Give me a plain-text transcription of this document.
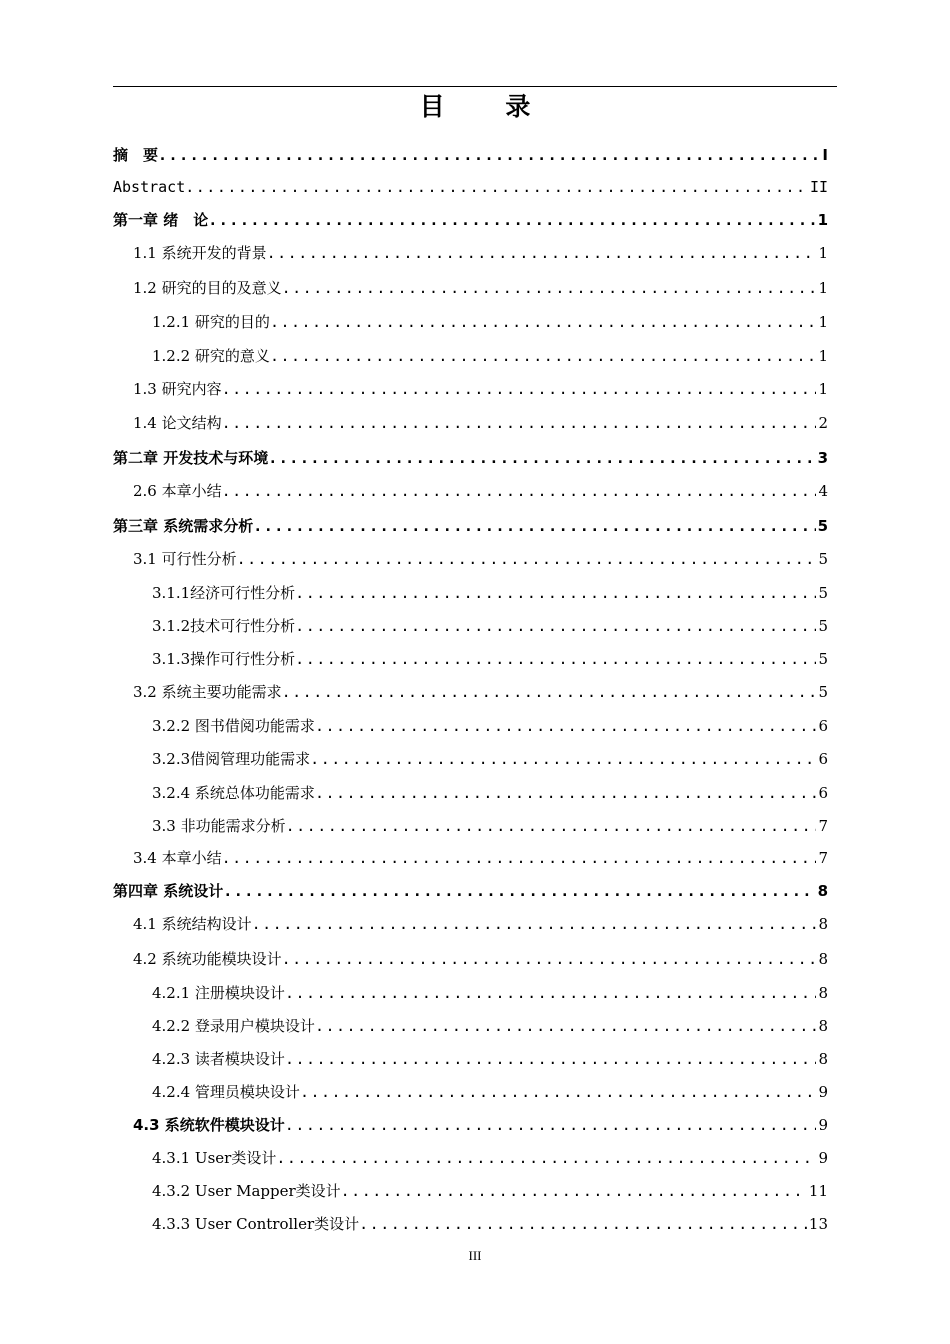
目 录
摘　要 .....	I
Abstract .....	II
第一章 绪　论 .....	1
1.1 系统开发的背景 .....	1
1.2 研究的目的及意义 .....	1
1.2.1 研究的目的 .....	1
1.2.2 研究的意义 .....	1
1.3 研究内容 .....	1
1.4 论文结构 .....	2
第二章 开发技术与环境 .....	3
2.6 本章小结 .....	4
第三章 系统需求分析 .....	5
3.1 可行性分析 .....	5
3.1.1经济可行性分析 .....	5
3.1.2技术可行性分析 .....	5
3.1.3操作可行性分析 .....	5
3.2 系统主要功能需求 .....	5
3.2.2 图书借阅功能需求 .....	6
3.2.3借阅管理功能需求 .....	6
3.2.4 系统总体功能需求 .....	6
3.3 非功能需求分析 .....	7
3.4 本章小结 .....	7
第四章 系统设计 .....	8
4.1 系统结构设计 .....	8
4.2 系统功能模块设计 .....	8
4.2.1 注册模块设计 .....	8
4.2.2 登录用户模块设计 .....	8
4.2.3 读者模块设计 .....	8
4.2.4 管理员模块设计 .....	9
4.3 系统软件模块设计 .....	9
4.3.1 User类设计 .....	9
4.3.2 User Mapper类设计 .....	11
4.3.3 User Controller类设计 .....	13
III
